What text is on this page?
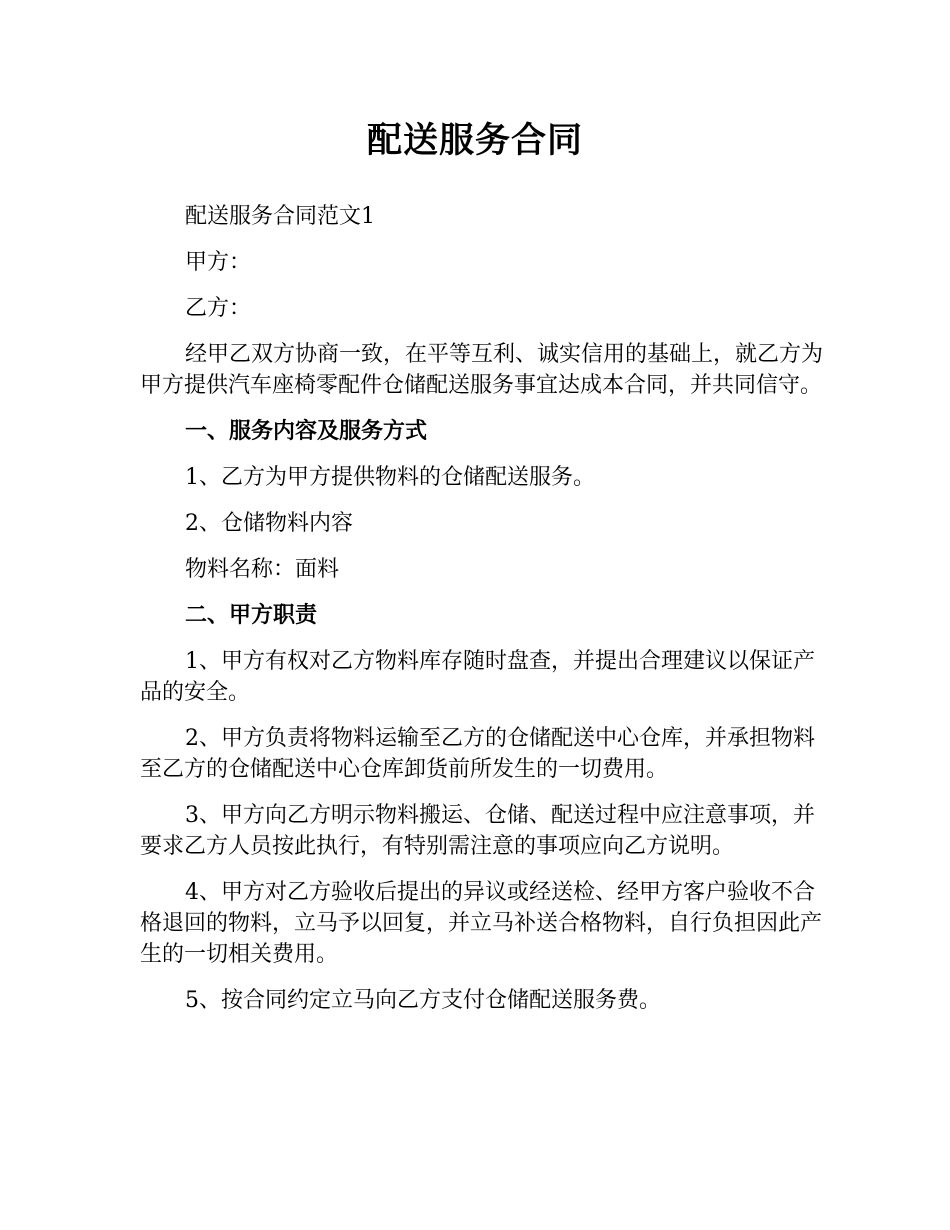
配送服务合同

配送服务合同范文1

甲方：

乙方：

经甲乙双方协商一致，在平等互利、诚实信用的基础上，就乙方为甲方提供汽车座椅零配件仓储配送服务事宜达成本合同，并共同信守。

一、服务内容及服务方式

1、乙方为甲方提供物料的仓储配送服务。

2、仓储物料内容

物料名称：面料

二、甲方职责

1、甲方有权对乙方物料库存随时盘查，并提出合理建议以保证产品的安全。

2、甲方负责将物料运输至乙方的仓储配送中心仓库，并承担物料至乙方的仓储配送中心仓库卸货前所发生的一切费用。

3、甲方向乙方明示物料搬运、仓储、配送过程中应注意事项，并要求乙方人员按此执行，有特别需注意的事项应向乙方说明。

4、甲方对乙方验收后提出的异议或经送检、经甲方客户验收不合格退回的物料，立马予以回复，并立马补送合格物料，自行负担因此产生的一切相关费用。

5、按合同约定立马向乙方支付仓储配送服务费。
